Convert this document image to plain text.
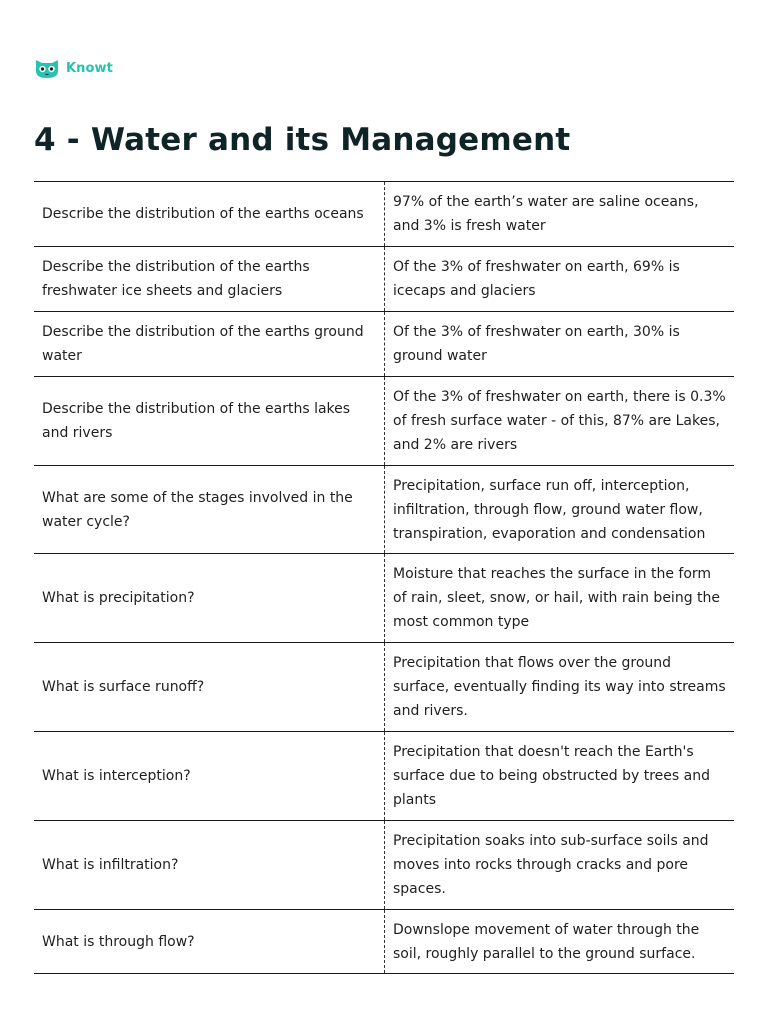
Knowt
4 - Water and its Management
Describe the distribution of the earths oceans
97% of the earth’s water are saline oceans, and 3% is fresh water
Describe the distribution of the earths freshwater ice sheets and glaciers
Of the 3% of freshwater on earth, 69% is icecaps and glaciers
Describe the distribution of the earths ground water
Of the 3% of freshwater on earth, 30% is ground water
Describe the distribution of the earths lakes and rivers
Of the 3% of freshwater on earth, there is 0.3% of fresh surface water - of this, 87% are Lakes, and 2% are rivers
What are some of the stages involved in the water cycle?
Precipitation, surface run off, interception, infiltration, through flow, ground water flow, transpiration, evaporation and condensation
What is precipitation?
Moisture that reaches the surface in the form of rain, sleet, snow, or hail, with rain being the most common type
What is surface runoff?
Precipitation that flows over the ground surface, eventually finding its way into streams and rivers.
What is interception?
Precipitation that doesn't reach the Earth's surface due to being obstructed by trees and plants
What is infiltration?
Precipitation soaks into sub-surface soils and moves into rocks through cracks and pore spaces.
What is through flow?
Downslope movement of water through the soil, roughly parallel to the ground surface.
